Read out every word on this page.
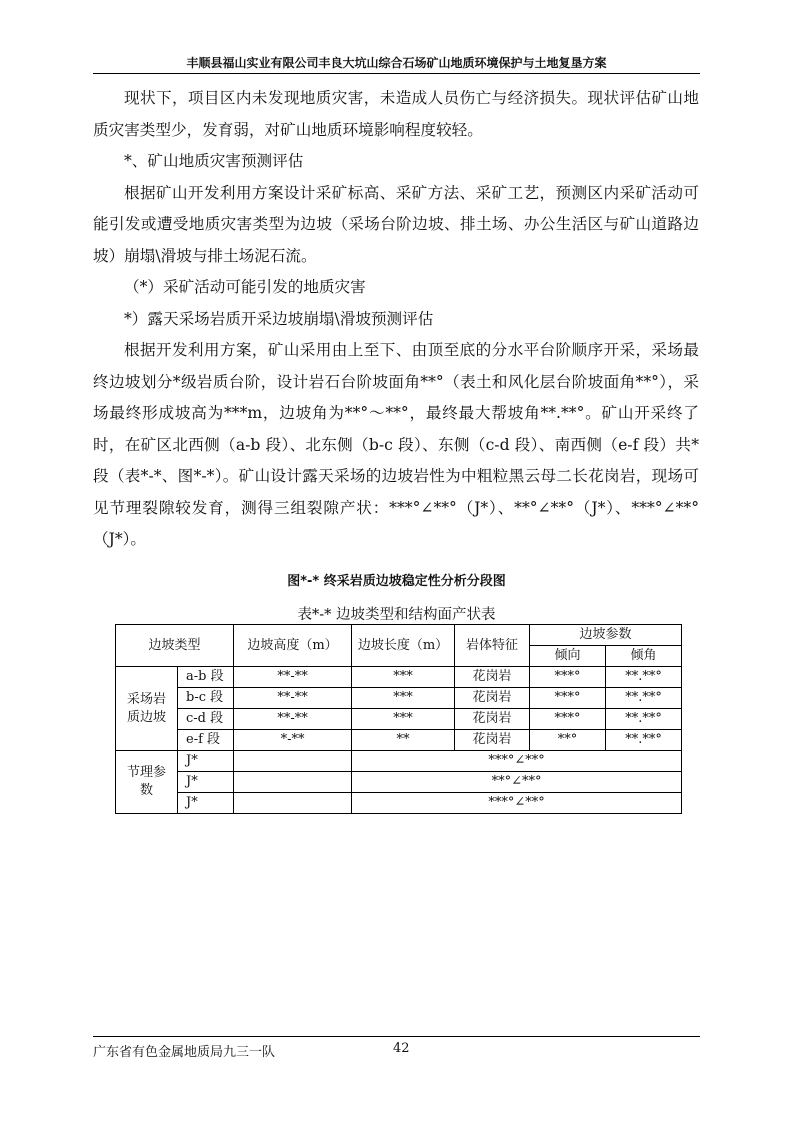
丰顺县福山实业有限公司丰良大坑山综合石场矿山地质环境保护与土地复垦方案

现状下，项目区内未发现地质灾害，未造成人员伤亡与经济损失。现状评估矿山地质灾害类型少，发育弱，对矿山地质环境影响程度较轻。

*、矿山地质灾害预测评估

根据矿山开发利用方案设计采矿标高、采矿方法、采矿工艺，预测区内采矿活动可能引发或遭受地质灾害类型为边坡（采场台阶边坡、排土场、办公生活区与矿山道路边坡）崩塌\滑坡与排土场泥石流。

（*）采矿活动可能引发的地质灾害

*）露天采场岩质开采边坡崩塌\滑坡预测评估

根据开发利用方案，矿山采用由上至下、由顶至底的分水平台阶顺序开采，采场最终边坡划分*级岩质台阶，设计岩石台阶坡面角**°（表土和风化层台阶坡面角**°），采场最终形成坡高为***m，边坡角为**°～**°，最终最大帮坡角**.**°。矿山开采终了时，在矿区北西侧（a-b 段）、北东侧（b-c 段）、东侧（c-d 段）、南西侧（e-f 段）共*段（表*-*、图*-*）。矿山设计露天采场的边坡岩性为中粗粒黑云母二长花岗岩，现场可见节理裂隙较发育，测得三组裂隙产状：***°∠**°（J*）、**°∠**°（J*）、***°∠**°（J*）。

图*-* 终采岩质边坡稳定性分析分段图
表*-* 边坡类型和结构面产状表
边坡类型		边坡高度（m）	边坡长度（m）	岩体特征	边坡参数	
					倾向	倾角
采场岩质边坡	a-b 段	**-**	***	花岗岩	***°	**.**°
	b-c 段	**-**	***	花岗岩	***°	**.**°
	c-d 段	**-**	***	花岗岩	***°	**.**°
	e-f 段	*-**	**	花岗岩	**°	**.**°
节理参数	J*		***°∠**°			
	J*		**°∠**°			
	J*		***°∠**°			
广东省有色金属地质局九三一队	42
